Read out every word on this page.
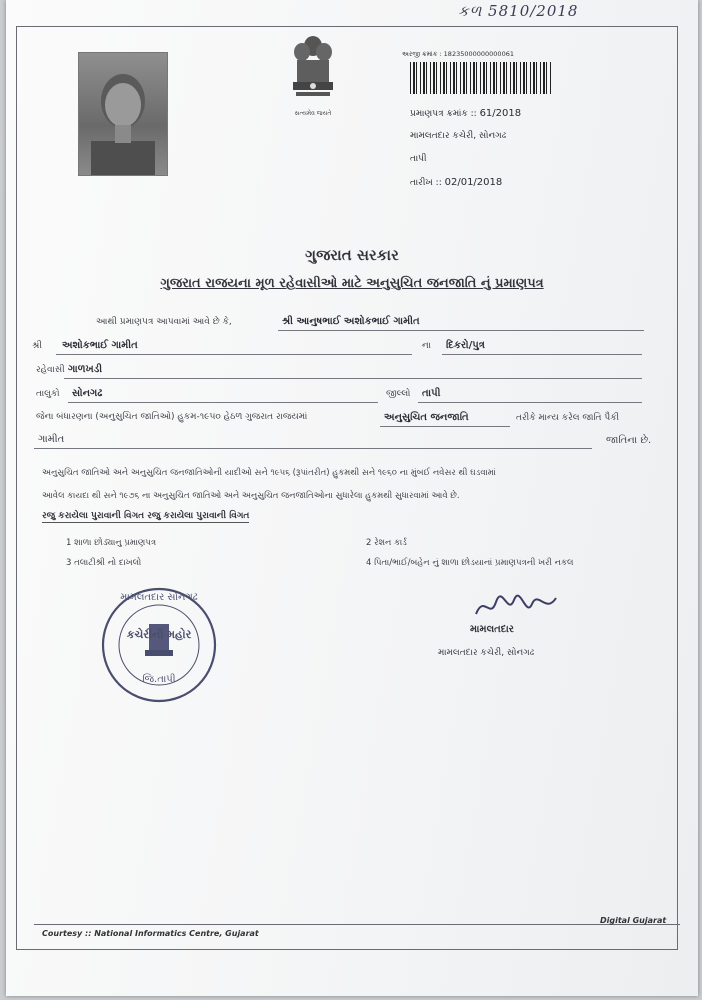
કળ 5810/2018
સત્યમેવ જયતે
અરજી ક્રમાંક : 18235000000000061
પ્રમાણપત્ર ક્રમાંક :: 61/2018
મામલતદાર કચેરી, સોનગઢ
તાપી
તારીખ :: 02/01/2018
ગુજરાત સરકાર
ગુજરાત રાજયના મૂળ રહેવાસીઓ માટે અનુસુચિત જનજાતિ નું પ્રમાણપત્ર
આથી પ્રમાણપત્ર આપવામાં આવે છે કે,	શ્રી આનુષભાઈ અશોકભાઈ ગામીત
શ્રી અશોકભાઈ ગામીત	ના દિકરો/પુત્ર
રહેવાસી ગાળખડી
તાલુકો સોનગઢ	જીલ્લો તાપી
જેના બંધારણના (અનુસુચિત જાતિઓ) હુકમ-૧૯૫૦ હેઠળ ગુજરાત રાજયમાં	અનુસુચિત જનજાતિ	તરીકે માન્ય કરેલ જાતિ પૈકી
ગામીત	જાતિના છે.
અનુસુચિત જાતિઓ અને અનુસુચિત જનજાતિઓની યાદીઓ સને ૧૯૫૬ (રૂપાંતરીત) હુકમથી સને ૧૯૬૦ ના મુંબઈ નવેસર થી ઘડવામાં
આવેલ કાયદા થી સને ૧૯૭૬ ના અનુસુચિત જાતિઓ અને અનુસુચિત જનજાતિઓના સુધારેલા હુકમથી સુધારવામાં આવે છે.
રજુ કરાયેલા પુરાવાની વિગત રજુ કરાયેલા પુરાવાની વિગત
1 શાળા છોડ્યાનુ પ્રમાણપત્ર	2 રેશન કાર્ડ
3 તલાટીશ્રી નો દાખલો	4 પિતા/ભાઈ/બહેન નું શાળા છોડયાનાં પ્રમાણપત્રની ખરી નકલ
મામલતદાર સોનગઢ
કચેરીની મહોર
જિ.તાપી
મામલતદાર
મામલતદાર કચેરી, સોનગઢ
Courtesy :: National Informatics Centre, Gujarat
Digital Gujarat
